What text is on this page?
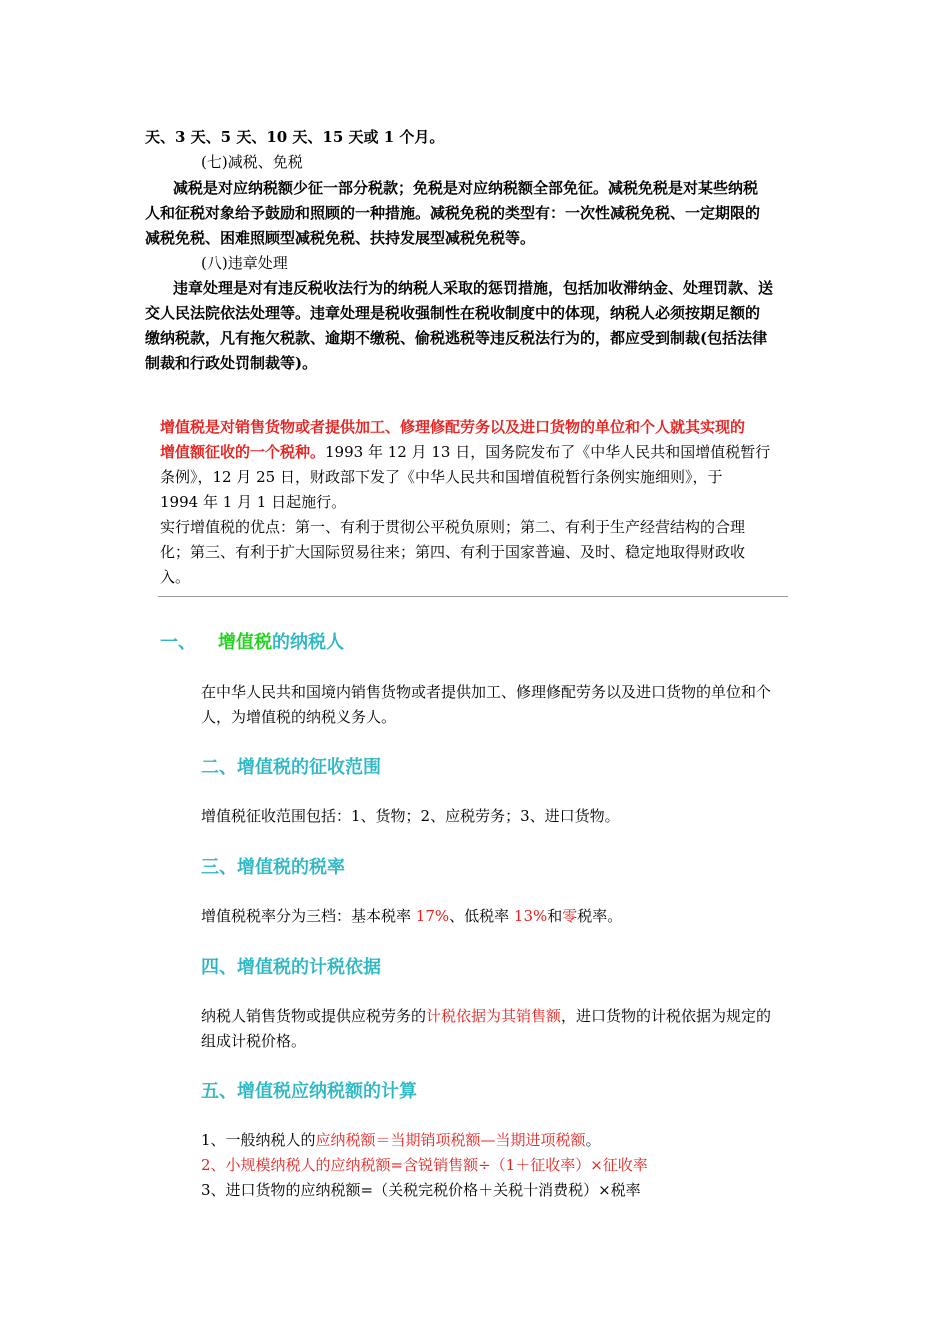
天、3 天、5 天、10 天、15 天或 1 个月。
(七)减税、免税
减税是对应纳税额少征一部分税款；免税是对应纳税额全部免征。减税免税是对某些纳税
人和征税对象给予鼓励和照顾的一种措施。减税免税的类型有：一次性减税免税、一定期限的
减税免税、困难照顾型减税免税、扶持发展型减税免税等。
(八)违章处理
违章处理是对有违反税收法行为的纳税人采取的惩罚措施，包括加收滞纳金、处理罚款、送
交人民法院依法处理等。违章处理是税收强制性在税收制度中的体现，纳税人必须按期足额的
缴纳税款，凡有拖欠税款、逾期不缴税、偷税逃税等违反税法行为的，都应受到制裁(包括法律
制裁和行政处罚制裁等)。
增值税是对销售货物或者提供加工、修理修配劳务以及进口货物的单位和个人就其实现的
增值额征收的一个税种。1993 年 12 月 13 日，国务院发布了《中华人民共和国增值税暂行
条例》，12 月 25 日，财政部下发了《中华人民共和国增值税暂行条例实施细则》，于
1994 年 1 月 1 日起施行。
实行增值税的优点：第一、有利于贯彻公平税负原则；第二、有利于生产经营结构的合理
化；第三、有利于扩大国际贸易往来；第四、有利于国家普遍、及时、稳定地取得财政收
入。
一、 增值税的纳税人
在中华人民共和国境内销售货物或者提供加工、修理修配劳务以及进口货物的单位和个
人，为增值税的纳税义务人。
二、增值税的征收范围
增值税征收范围包括：1、货物；2、应税劳务；3、进口货物。
三、增值税的税率
增值税税率分为三档：基本税率 17%、低税率 13%和零税率。
四、增值税的计税依据
纳税人销售货物或提供应税劳务的计税依据为其销售额，进口货物的计税依据为规定的
组成计税价格。
五、增值税应纳税额的计算
1、一般纳税人的应纳税额＝当期销项税额—当期进项税额。
2、小规模纳税人的应纳税额=含锐销售额÷（1＋征收率）×征收率
3、进口货物的应纳税额=（关税完税价格＋关税十消费税）×税率
